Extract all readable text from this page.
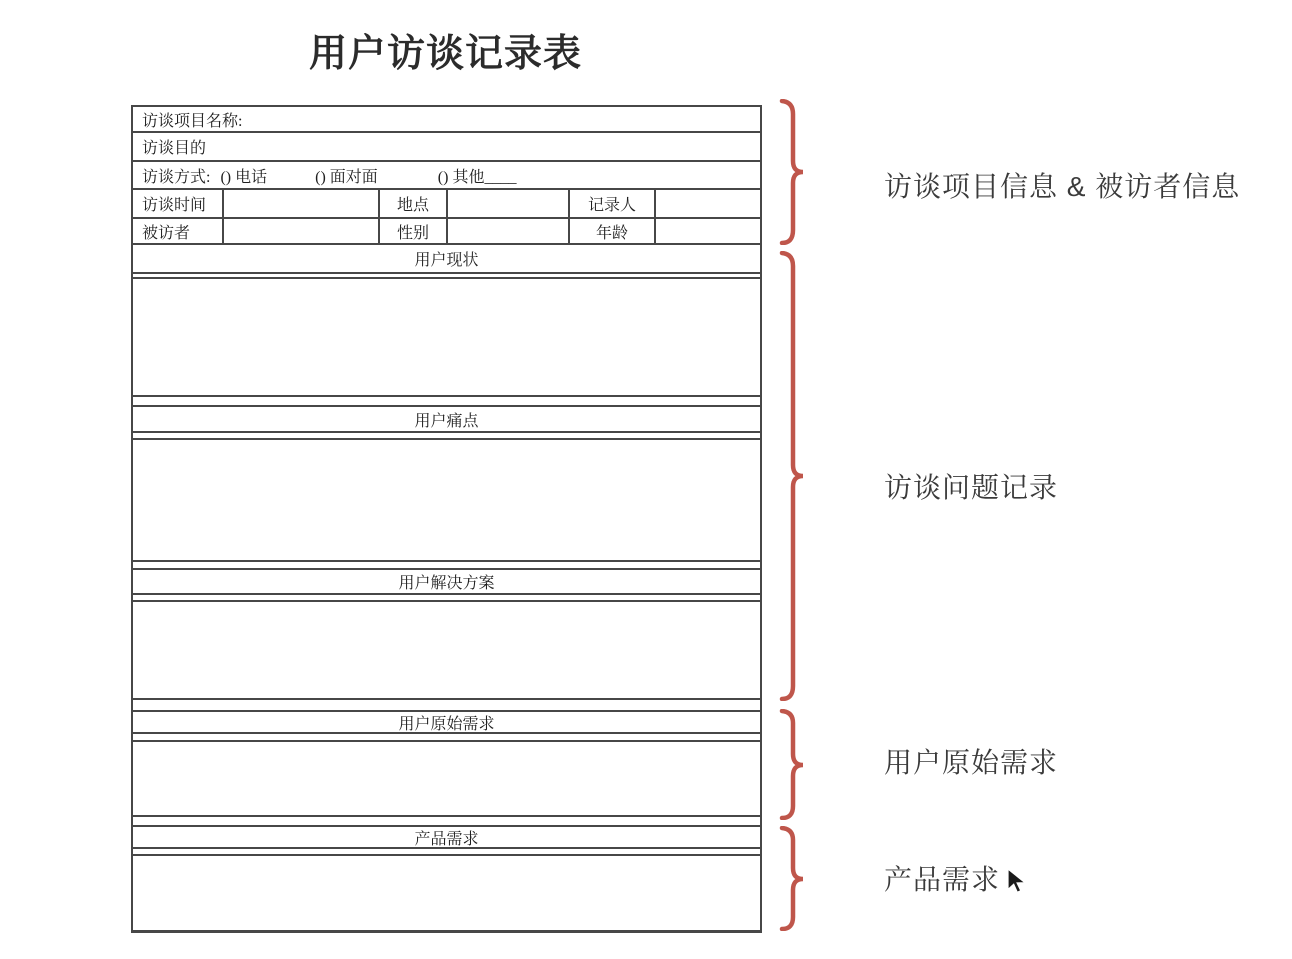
用户访谈记录表
访谈项目名称:
访谈目的
访谈方式: () 电话	() 面对面	() 其他____
访谈时间	地点	记录人
被访者	性别	年龄
用户现状
用户痛点
用户解决方案
用户原始需求
产品需求
访谈项目信息 & 被访者信息
访谈问题记录
用户原始需求
产品需求
